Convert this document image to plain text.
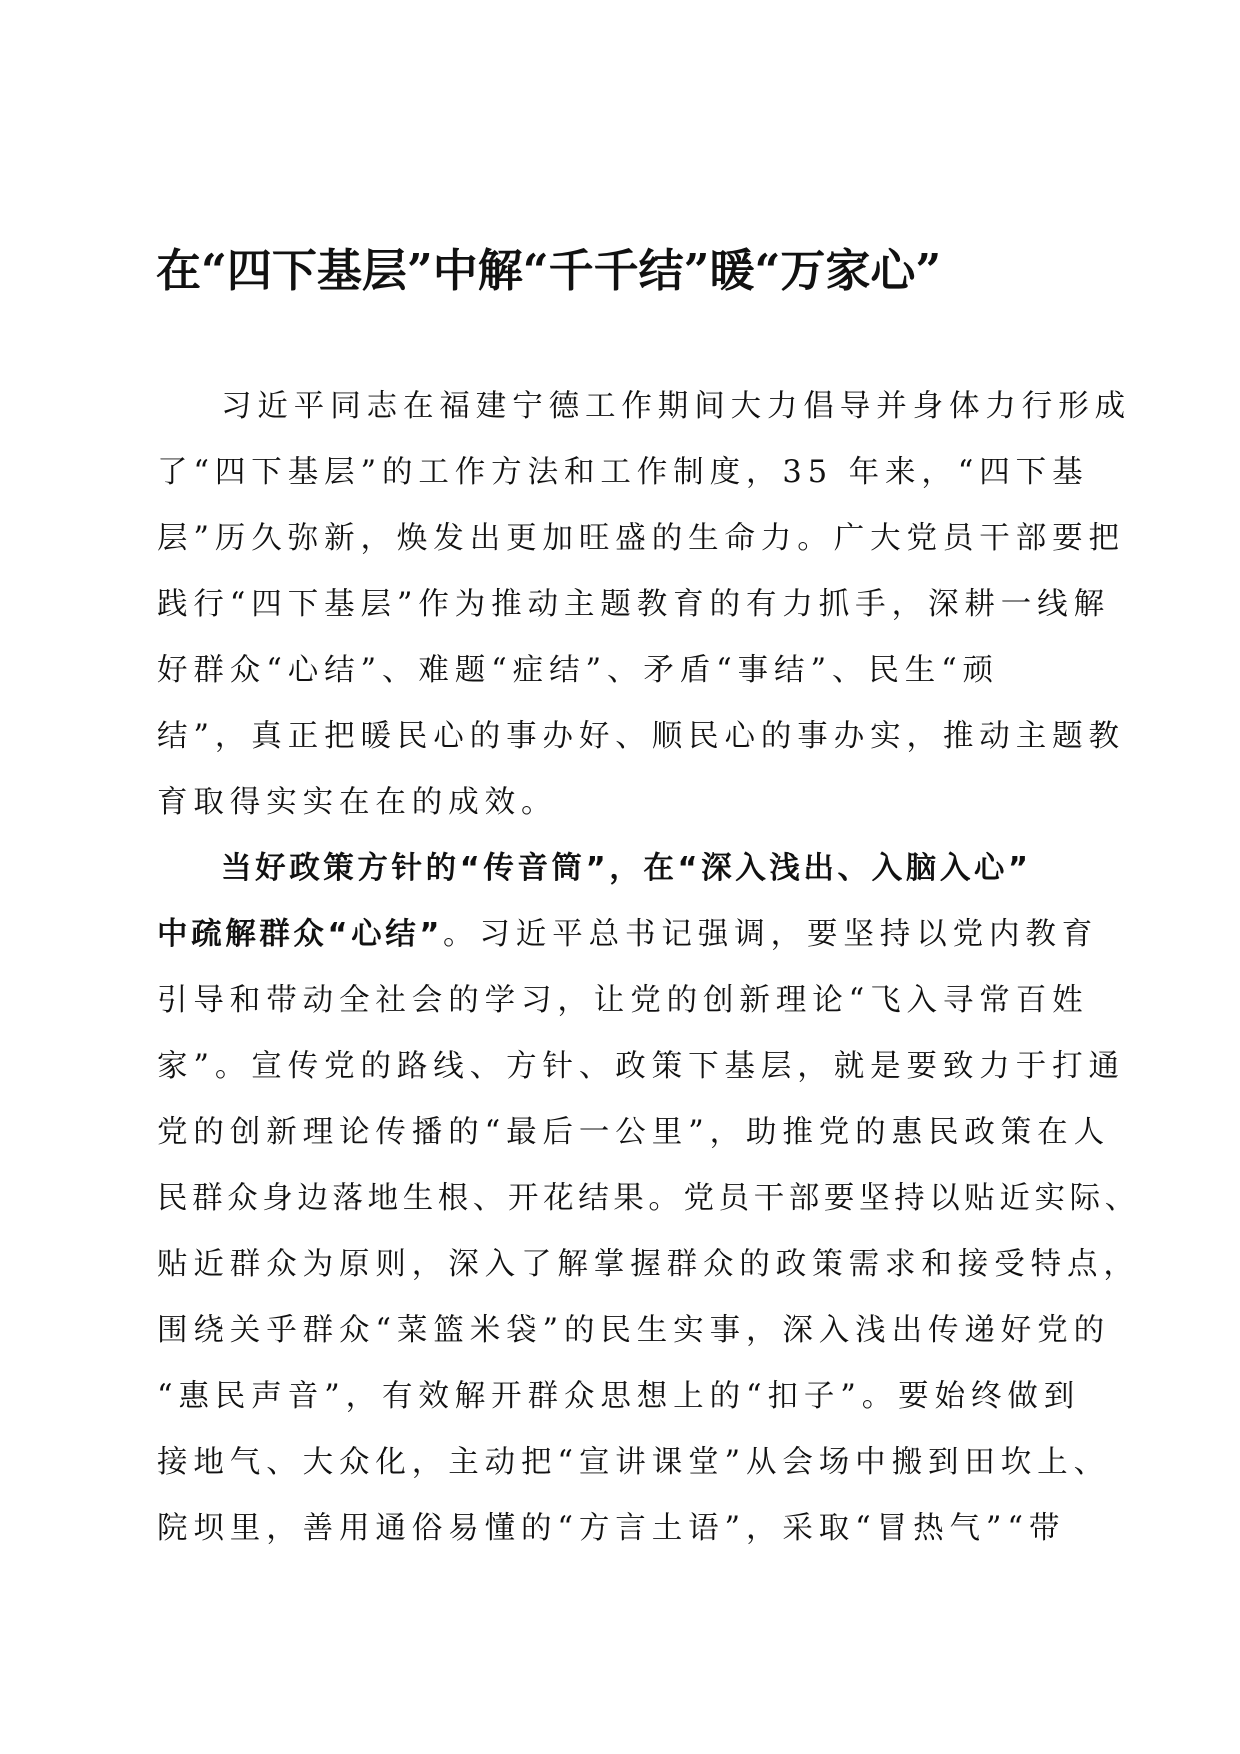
在“四下基层”中解“千千结”暖“万家心”

习近平同志在福建宁德工作期间大力倡导并身体力行形成

了“四下基层”的工作方法和工作制度，35 年来，“四下基

层”历久弥新，焕发出更加旺盛的生命力。广大党员干部要把

践行“四下基层”作为推动主题教育的有力抓手，深耕一线解

好群众“心结”、难题“症结”、矛盾“事结”、民生“顽

结”，真正把暖民心的事办好、顺民心的事办实，推动主题教

育取得实实在在的成效。

当好政策方针的“传音筒”，在“深入浅出、入脑入心”

中疏解群众“心结”。习近平总书记强调，要坚持以党内教育

引导和带动全社会的学习，让党的创新理论“飞入寻常百姓

家”。宣传党的路线、方针、政策下基层，就是要致力于打通

党的创新理论传播的“最后一公里”，助推党的惠民政策在人

民群众身边落地生根、开花结果。党员干部要坚持以贴近实际、

贴近群众为原则，深入了解掌握群众的政策需求和接受特点，

围绕关乎群众“菜篮米袋”的民生实事，深入浅出传递好党的

“惠民声音”，有效解开群众思想上的“扣子”。要始终做到

接地气、大众化，主动把“宣讲课堂”从会场中搬到田坎上、

院坝里，善用通俗易懂的“方言土语”，采取“冒热气”“带
